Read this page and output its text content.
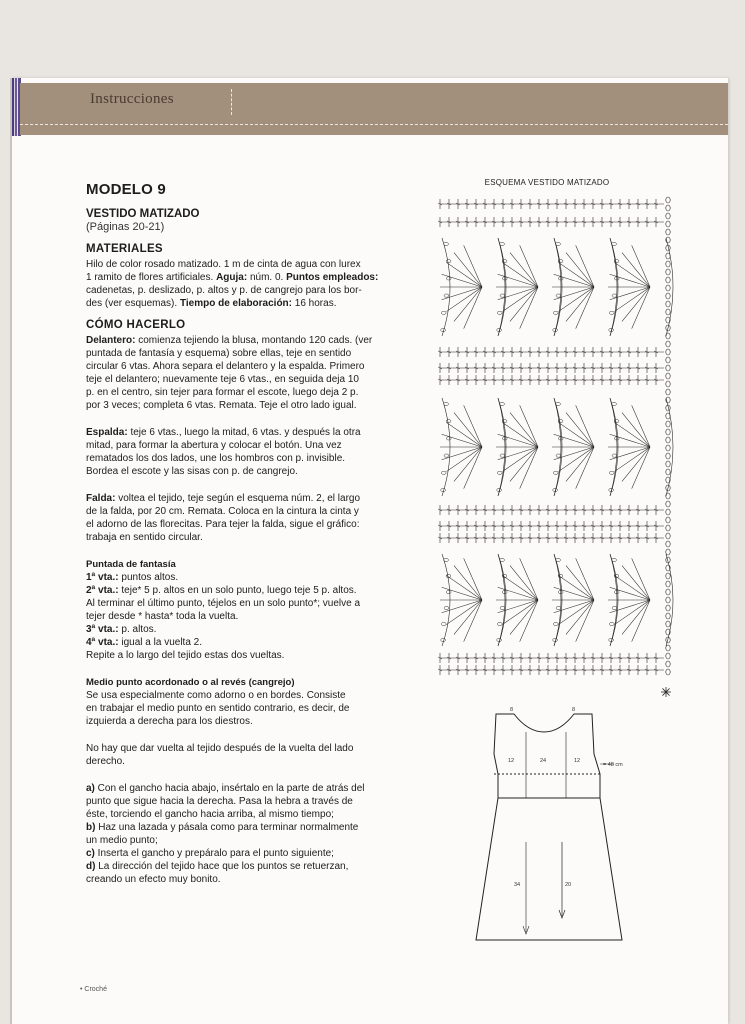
Instrucciones
MODELO 9
VESTIDO MATIZADO
(Páginas 20-21)
MATERIALES

Hilo de color rosado matizado. 1 m de cinta de agua con lurex
1 ramito de flores artificiales. Aguja: núm. 0. Puntos empleados:
cadenetas, p. deslizado, p. altos y p. de cangrejo para los bor-
des (ver esquemas). Tiempo de elaboración: 16 horas.

CÓMO HACERLO

Delantero: comienza tejiendo la blusa, montando 120 cads. (ver
puntada de fantasía y esquema) sobre ellas, teje en sentido
circular 6 vtas. Ahora separa el delantero y la espalda. Primero
teje el delantero; nuevamente teje 6 vtas., en seguida deja 10
p. en el centro, sin tejer para formar el escote, luego deja 2 p.
por 3 veces; completa 6 vtas. Remata. Teje el otro lado igual.

Espalda: teje 6 vtas., luego la mitad, 6 vtas. y después la otra
mitad, para formar la abertura y colocar el botón. Una vez
rematados los dos lados, une los hombros con p. invisible.
Bordea el escote y las sisas con p. de cangrejo.

Falda: voltea el tejido, teje según el esquema núm. 2, el largo
de la falda, por 20 cm. Remata. Coloca en la cintura la cinta y
el adorno de las florecitas. Para tejer la falda, sigue el gráfico:
trabaja en sentido circular.

Puntada de fantasía
1ª vta.: puntos altos.
2ª vta.: teje* 5 p. altos en un solo punto, luego teje 5 p. altos.
Al terminar el último punto, téjelos en un solo punto*; vuelve a
tejer desde * hasta* toda la vuelta.
3ª vta.: p. altos.
4ª vta.: igual a la vuelta 2.
Repite a lo largo del tejido estas dos vueltas.
Medio punto acordonado o al revés (cangrejo)

Se usa especialmente como adorno o en bordes. Consiste
en trabajar el medio punto en sentido contrario, es decir, de
izquierda a derecha para los diestros.

No hay que dar vuelta al tejido después de la vuelta del lado
derecho.

a) Con el gancho hacia abajo, insértalo en la parte de atrás del
punto que sigue hacia la derecha. Pasa la hebra a través de
éste, torciendo el gancho hacia arriba, al mismo tiempo;
b) Haz una lazada y pásala como para terminar normalmente
un medio punto;
c) Inserta el gancho y prepáralo para el punto siguiente;
d) La dirección del tejido hace que los puntos se retuerzan,
creando un efecto muy bonito.

• Croché
ESQUEMA VESTIDO MATIZADO
8	8
12	24	12
= 48 cm
34	20
